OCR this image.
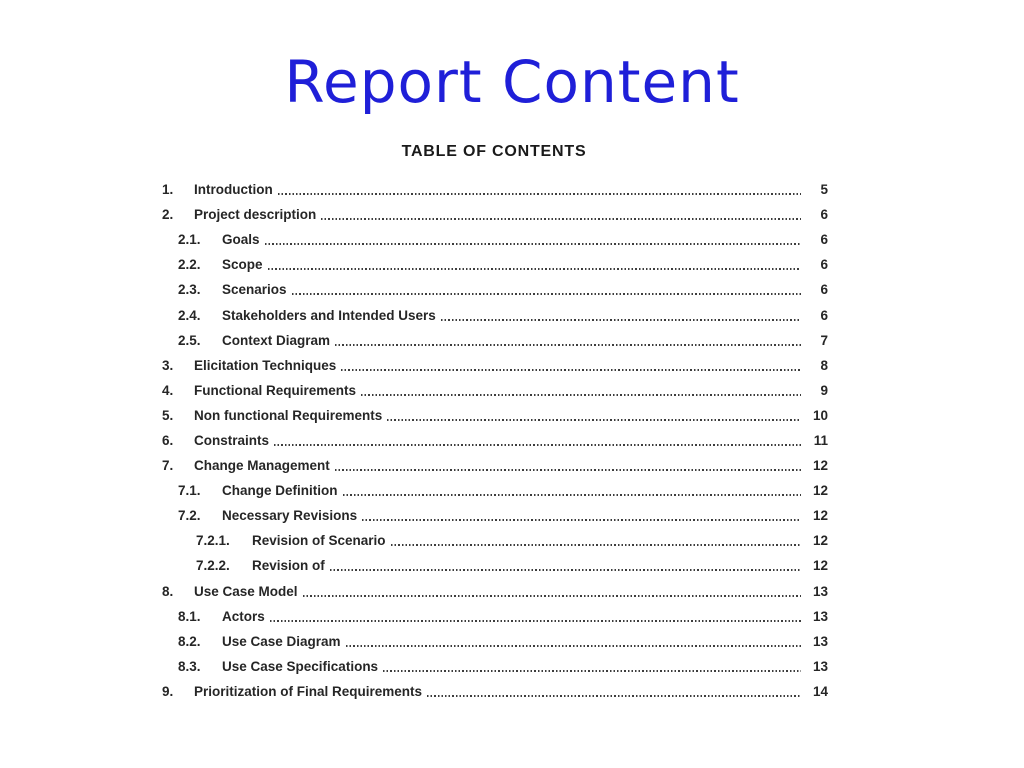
Report Content
TABLE OF CONTENTS
1.	Introduction	5
2.	Project description	6
2.1.	Goals	6
2.2.	Scope	6
2.3.	Scenarios	6
2.4.	Stakeholders and Intended Users	6
2.5.	Context Diagram	7
3.	Elicitation Techniques	8
4.	Functional Requirements	9
5.	Non functional Requirements	10
6.	Constraints	11
7.	Change Management	12
7.1.	Change Definition	12
7.2.	Necessary Revisions	12
7.2.1.	Revision of Scenario	12
7.2.2.	Revision of	12
8.	Use Case Model	13
8.1.	Actors	13
8.2.	Use Case Diagram	13
8.3.	Use Case Specifications	13
9.	Prioritization of Final Requirements	14
